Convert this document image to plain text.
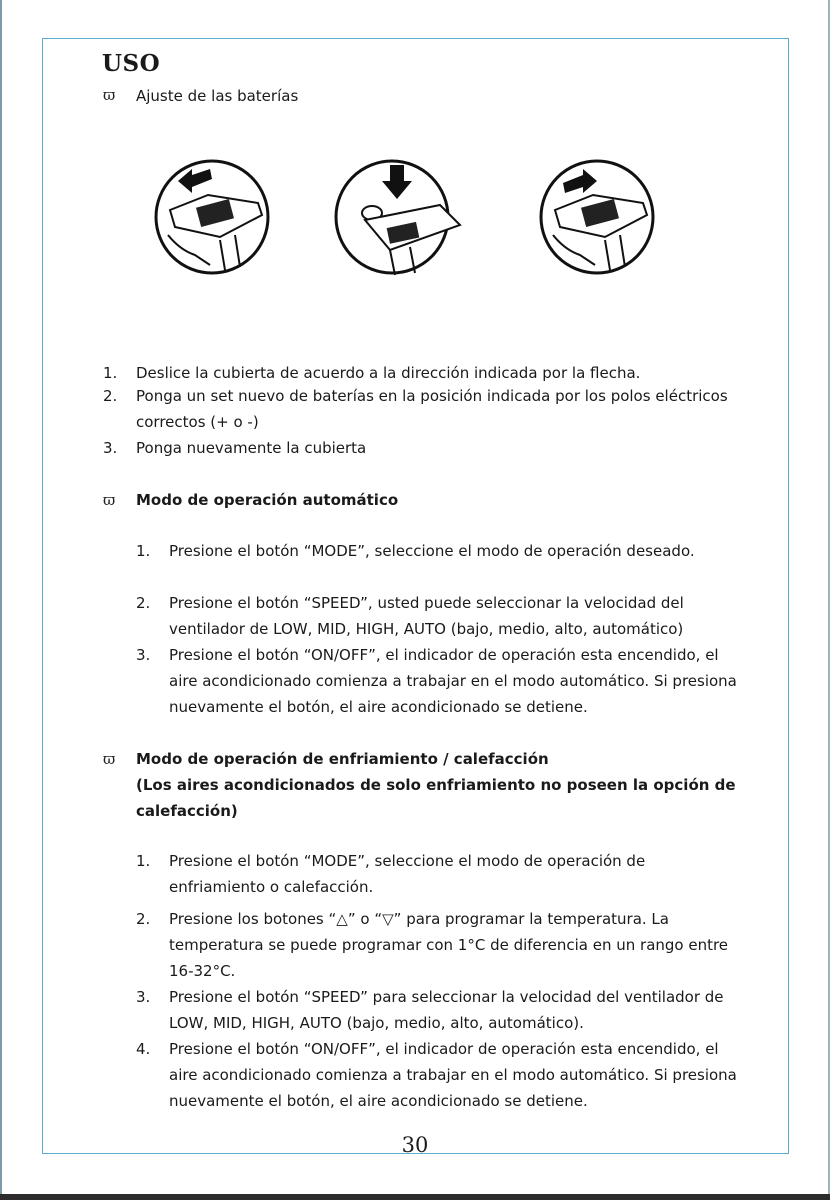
USO
ϖ Ajuste de las baterías
1. Deslice la cubierta de acuerdo a la dirección indicada por la flecha.
2. Ponga un set nuevo de baterías en la posición indicada por los polos eléctricos
correctos (+ o -)
3. Ponga nuevamente la cubierta
ϖ Modo de operación automático
1. Presione el botón “MODE”, seleccione el modo de operación deseado.
2. Presione el botón “SPEED”, usted puede seleccionar la velocidad del
ventilador de LOW, MID, HIGH, AUTO (bajo, medio, alto, automático)
3. Presione el botón “ON/OFF”, el indicador de operación esta encendido, el
aire acondicionado comienza a trabajar en el modo automático. Si presiona
nuevamente el botón, el aire acondicionado se detiene.
ϖ Modo de operación de enfriamiento / calefacción
(Los aires acondicionados de solo enfriamiento no poseen la opción de
calefacción)
1. Presione el botón “MODE”, seleccione el modo de operación de
enfriamiento o calefacción.
2. Presione los botones “△” o “▽” para programar la temperatura. La
temperatura se puede programar con 1°C de diferencia en un rango entre
16-32°C.
3. Presione el botón “SPEED” para seleccionar la velocidad del ventilador de
LOW, MID, HIGH, AUTO (bajo, medio, alto, automático).
4. Presione el botón “ON/OFF”, el indicador de operación esta encendido, el
aire acondicionado comienza a trabajar en el modo automático. Si presiona
nuevamente el botón, el aire acondicionado se detiene.
30
